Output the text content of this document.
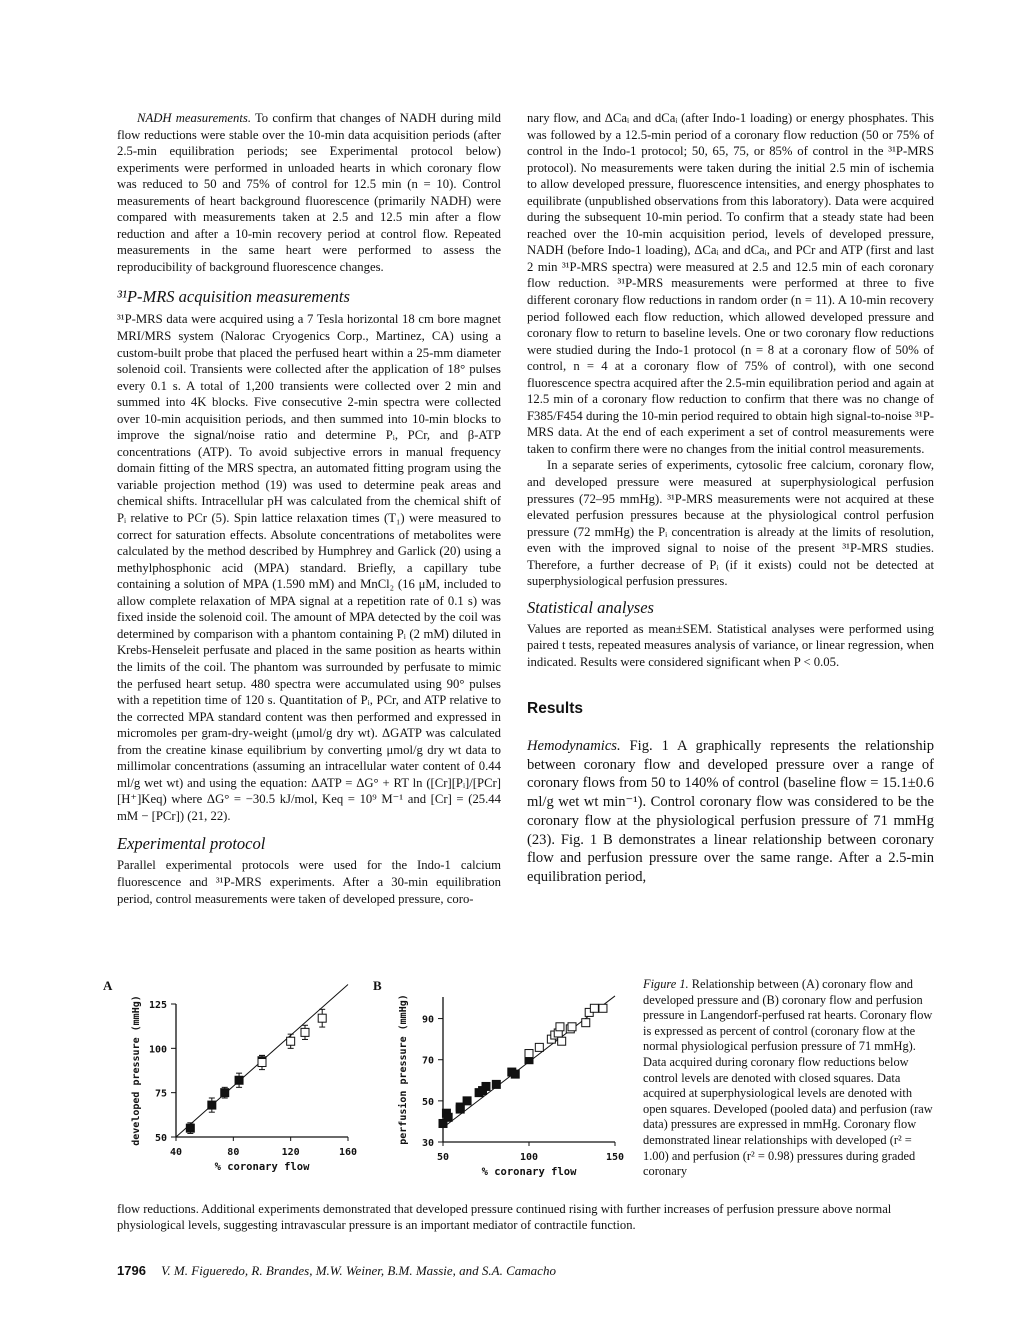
NADH measurements. To confirm that changes of NADH during mild flow reductions were stable over the 10-min data acquisition periods (after 2.5-min equilibration periods; see Experimental protocol below) experiments were performed in unloaded hearts in which coronary flow was reduced to 50 and 75% of control for 12.5 min (n = 10). Control measurements of heart background fluorescence (primarily NADH) were compared with measurements taken at 2.5 and 12.5 min after a flow reduction and after a 10-min recovery period at control flow. Repeated measurements in the same heart were performed to assess the reproducibility of background fluorescence changes.

³¹P-MRS acquisition measurements

³¹P-MRS data were acquired using a 7 Tesla horizontal 18 cm bore magnet MRI/MRS system (Nalorac Cryogenics Corp., Martinez, CA) using a custom-built probe that placed the perfused heart within a 25-mm diameter solenoid coil. Transients were collected after the application of 18° pulses every 0.1 s. A total of 1,200 transients were collected over 2 min and summed into 4K blocks. Five consecutive 2-min spectra were collected over 10-min acquisition periods, and then summed into 10-min blocks to improve the signal/noise ratio and determine Pᵢ, PCr, and β-ATP concentrations (ATP). To avoid subjective errors in manual frequency domain fitting of the MRS spectra, an automated fitting program using the variable projection method (19) was used to determine peak areas and chemical shifts. Intracellular pH was calculated from the chemical shift of Pᵢ relative to PCr (5). Spin lattice relaxation times (T₁) were measured to correct for saturation effects. Absolute concentrations of metabolites were calculated by the method described by Humphrey and Garlick (20) using a methylphosphonic acid (MPA) standard. Briefly, a capillary tube containing a solution of MPA (1.590 mM) and MnCl₂ (16 μM, included to allow complete relaxation of MPA signal at a repetition rate of 0.1 s) was fixed inside the solenoid coil. The amount of MPA detected by the coil was determined by comparison with a phantom containing Pᵢ (2 mM) diluted in Krebs-Henseleit perfusate and placed in the same position as hearts within the limits of the coil. The phantom was surrounded by perfusate to mimic the perfused heart setup. 480 spectra were accumulated using 90° pulses with a repetition time of 120 s. Quantitation of Pᵢ, PCr, and ATP relative to the corrected MPA standard content was then performed and expressed in micromoles per gram-dry-weight (μmol/g dry wt). ΔGATP was calculated from the creatine kinase equilibrium by converting μmol/g dry wt data to millimolar concentrations (assuming an intracellular water content of 0.44 ml/g wet wt) and using the equation: ΔATP = ΔG° + RT ln ([Cr][Pᵢ]/[PCr][H⁺]Keq) where ΔG° = −30.5 kJ/mol, Keq = 10⁹ M⁻¹ and [Cr] = (25.44 mM − [PCr]) (21, 22).

Experimental protocol

Parallel experimental protocols were used for the Indo-1 calcium fluorescence and ³¹P-MRS experiments. After a 30-min equilibration period, control measurements were taken of developed pressure, coro-

nary flow, and ΔCaᵢ and dCaᵢ (after Indo-1 loading) or energy phosphates. This was followed by a 12.5-min period of a coronary flow reduction (50 or 75% of control in the Indo-1 protocol; 50, 65, 75, or 85% of control in the ³¹P-MRS protocol). No measurements were taken during the initial 2.5 min of ischemia to allow developed pressure, fluorescence intensities, and energy phosphates to equilibrate (unpublished observations from this laboratory). Data were acquired during the subsequent 10-min period. To confirm that a steady state had been reached over the 10-min acquisition period, levels of developed pressure, NADH (before Indo-1 loading), ΔCaᵢ and dCaᵢ, and PCr and ATP (first and last 2 min ³¹P-MRS spectra) were measured at 2.5 and 12.5 min of each coronary flow reduction. ³¹P-MRS measurements were performed at three to five different coronary flow reductions in random order (n = 11). A 10-min recovery period followed each flow reduction, which allowed developed pressure and coronary flow to return to baseline levels. One or two coronary flow reductions were studied during the Indo-1 protocol (n = 8 at a coronary flow of 50% of control, n = 4 at a coronary flow of 75% of control), with one second fluorescence spectra acquired after the 2.5-min equilibration period and again at 12.5 min of a coronary flow reduction to confirm that there was no change of F385/F454 during the 10-min period required to obtain high signal-to-noise ³¹P-MRS data. At the end of each experiment a set of control measurements were taken to confirm there were no changes from the initial control measurements.

In a separate series of experiments, cytosolic free calcium, coronary flow, and developed pressure were measured at superphysiological perfusion pressures (72–95 mmHg). ³¹P-MRS measurements were not acquired at these elevated perfusion pressures because at the physiological control perfusion pressure (72 mmHg) the Pᵢ concentration is already at the limits of resolution, even with the improved signal to noise of the present ³¹P-MRS studies. Therefore, a further decrease of Pᵢ (if it exists) could not be detected at superphysiological perfusion pressures.

Statistical analyses

Values are reported as mean±SEM. Statistical analyses were performed using paired t tests, repeated measures analysis of variance, or linear regression, when indicated. Results were considered significant when P < 0.05.

Results

Hemodynamics. Fig. 1 A graphically represents the relationship between coronary flow and developed pressure over a range of coronary flows from 50 to 140% of control (baseline flow = 15.1±0.6 ml/g wet wt min⁻¹). Control coronary flow was considered to be the coronary flow at the physiological perfusion pressure of 71 mmHg (23). Fig. 1 B demonstrates a linear relationship between coronary flow and perfusion pressure over the same range. After a 2.5-min equilibration period,

A	B
50
75
100
125
40	80	120	160
% coronary flow
developed pressure (mmHg)	30
50
70
90
50	100	150
% coronary flow
perfusion pressure (mmHg)
Figure 1. Relationship between (A) coronary flow and developed pressure and (B) coronary flow and perfusion pressure in Langendorf-perfused rat hearts. Coronary flow is expressed as percent of control (coronary flow at the normal physiological perfusion pressure of 71 mmHg). Data acquired during coronary flow reductions below control levels are denoted with closed squares. Data acquired at superphysiological levels are denoted with open squares. Developed (pooled data) and perfusion (raw data) pressures are expressed in mmHg. Coronary flow demonstrated linear relationships with developed (r² = 1.00) and perfusion (r² = 0.98) pressures during graded coronary
flow reductions. Additional experiments demonstrated that developed pressure continued rising with further increases of perfusion pressure above normal physiological levels, suggesting intravascular pressure is an important mediator of contractile function.
1796 V. M. Figueredo, R. Brandes, M.W. Weiner, B.M. Massie, and S.A. Camacho
